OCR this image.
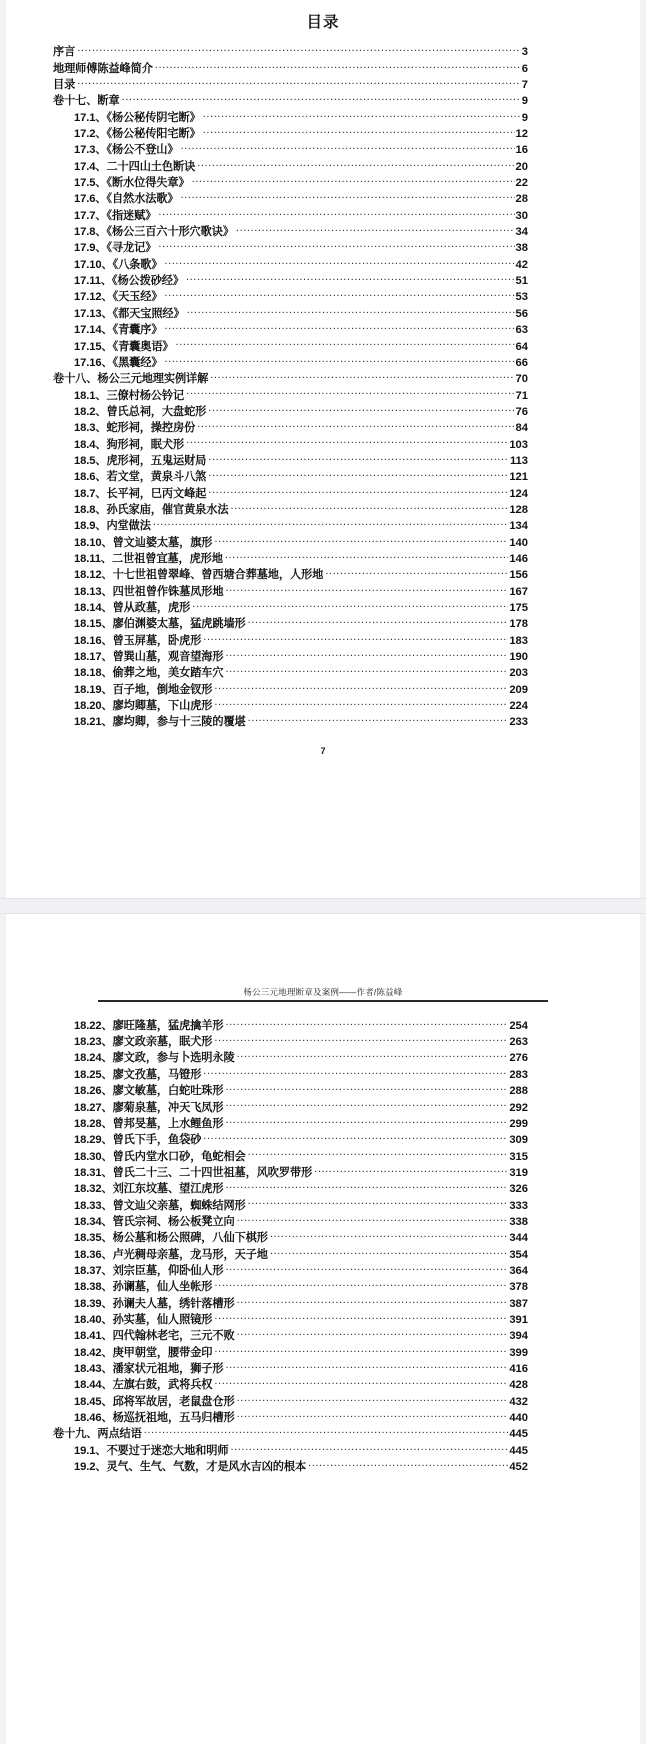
目录
序言 .....	3
地理师傅陈益峰简介 .....	6
目录 .....	7
卷十七、断章 .....	9
17.1、《杨公秘传阴宅断》 .....	9
17.2、《杨公秘传阳宅断》 .....	12
17.3、《杨公不登山》 .....	16
17.4、二十四山土色断诀 .....	20
17.5、《断水位得失章》 .....	22
17.6、《自然水法歌》 .....	28
17.7、《指迷赋》 .....	30
17.8、《杨公三百六十形穴歌诀》 .....	34
17.9、《寻龙记》 .....	38
17.10、《八条歌》 .....	42
17.11、《杨公拨砂经》 .....	51
17.12、《天玉经》 .....	53
17.13、《都天宝照经》 .....	56
17.14、《青囊序》 .....	63
17.15、《青囊奥语》 .....	64
17.16、《黑囊经》 .....	66
卷十八、杨公三元地理实例详解 .....	70
18.1、三僚村杨公钤记 .....	71
18.2、曾氏总祠，大盘蛇形 .....	76
18.3、蛇形祠，操控房份 .....	84
18.4、狗形祠，眠犬形 .....	103
18.5、虎形祠，五鬼运财局 .....	113
18.6、若文堂，黄泉斗八煞 .....	121
18.7、长平祠，巳丙文峰起 .....	124
18.8、孙氏家庙，催官黄泉水法 .....	128
18.9、内堂做法 .....	134
18.10、曾文辿婆太墓，旗形 .....	140
18.11、二世祖曾宜墓，虎形地 .....	146
18.12、十七世祖曾翠峰、曾西塘合葬墓地，人形地 .....	156
18.13、四世祖曾作铢墓凤形地 .....	167
18.14、曾从政墓，虎形 .....	175
18.15、廖伯渊婆太墓，猛虎跳墙形 .....	178
18.16、曾玉屏墓，卧虎形 .....	183
18.17、曾巽山墓，观音望海形 .....	190
18.18、偷葬之地，美女踏车穴 .....	203
18.19、百子地，倒地金钗形 .....	209
18.20、廖均卿墓，下山虎形 .....	224
18.21、廖均卿，参与十三陵的覆堪 .....	233
7
杨公三元地理断章及案例——作者/陈益峰
18.22、廖旺隆墓，猛虎擒羊形 .....	254
18.23、廖文政亲墓，眠犬形 .....	263
18.24、廖文政，参与卜选明永陵 .....	276
18.25、廖文孜墓，马镫形 .....	283
18.26、廖文敏墓，白蛇吐珠形 .....	288
18.27、廖菊泉墓，冲天飞凤形 .....	292
18.28、曾邦旻墓，上水鲤鱼形 .....	299
18.29、曾氏下手，鱼袋砂 .....	309
18.30、曾氏内堂水口砂，龟蛇相会 .....	315
18.31、曾氏二十三、二十四世祖墓，风吹罗带形 .....	319
18.32、刘江东坟墓、望江虎形 .....	326
18.33、曾文辿父亲墓，蜘蛛结网形 .....	333
18.34、管氏宗祠、杨公板凳立向 .....	338
18.35、杨公墓和杨公照碑，八仙下棋形 .....	344
18.36、卢光稠母亲墓，龙马形，天子地 .....	354
18.37、刘宗臣墓，仰卧仙人形 .....	364
18.38、孙谰墓，仙人坐帐形 .....	378
18.39、孙谰夫人墓，绣针落槽形 .....	387
18.40、孙实墓，仙人照镜形 .....	391
18.41、四代翰林老宅，三元不败 .....	394
18.42、庚甲朝堂，腰带金印 .....	399
18.43、潘家状元祖地，狮子形 .....	416
18.44、左旗右鼓，武将兵权 .....	428
18.45、邱将军故居，老鼠盘仓形 .....	432
18.46、杨巡抚祖地，五马归槽形 .....	440
卷十九、两点结语 .....	445
19.1、不要过于迷恋大地和明师 .....	445
19.2、灵气、生气、气数，才是风水吉凶的根本 .....	452
